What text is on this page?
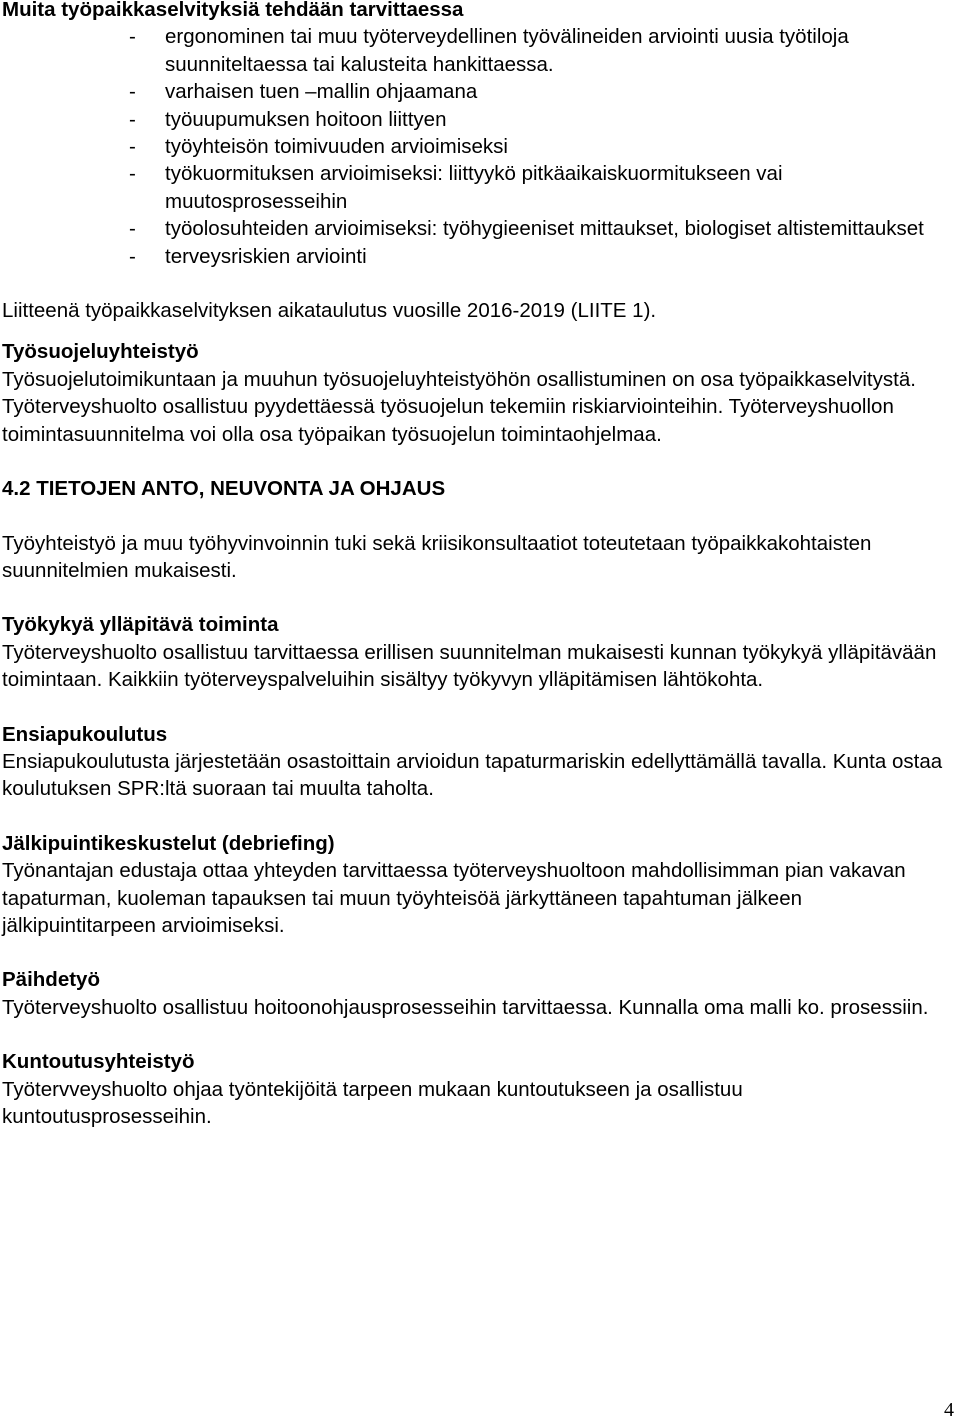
Muita työpaikkaselvityksiä tehdään tarvittaessa

- ergonominen tai muu työterveydellinen työvälineiden arviointi uusia työtiloja suunniteltaessa tai kalusteita hankittaessa.
- varhaisen tuen –mallin ohjaamana
- työuupumuksen hoitoon liittyen
- työyhteisön toimivuuden arvioimiseksi
- työkuormituksen arvioimiseksi: liittyykö pitkäaikaiskuormitukseen vai muutosprosesseihin
- työolosuhteiden arvioimiseksi: työhygieeniset mittaukset, biologiset altistemittaukset
- terveysriskien arviointi

Liitteenä työpaikkaselvityksen aikataulutus vuosille 2016-2019 (LIITE 1).

Työsuojeluyhteistyö

Työsuojelutoimikuntaan ja muuhun työsuojeluyhteistyöhön osallistuminen on osa työpaikkaselvitystä. Työterveyshuolto osallistuu pyydettäessä työsuojelun tekemiin riskiarviointeihin. Työterveyshuollon toimintasuunnitelma voi olla osa työpaikan työsuojelun toimintaohjelmaa.

4.2 TIETOJEN ANTO, NEUVONTA JA OHJAUS

Työyhteistyö ja muu työhyvinvoinnin tuki sekä kriisikonsultaatiot toteutetaan työpaikkakohtaisten suunnitelmien mukaisesti.

Työkykyä ylläpitävä toiminta

Työterveyshuolto osallistuu tarvittaessa erillisen suunnitelman mukaisesti kunnan työkykyä ylläpitävään toimintaan. Kaikkiin työterveyspalveluihin sisältyy työkyvyn ylläpitämisen lähtökohta.

Ensiapukoulutus

Ensiapukoulutusta järjestetään osastoittain arvioidun tapaturmariskin edellyttämällä tavalla. Kunta ostaa koulutuksen SPR:ltä suoraan tai muulta taholta.

Jälkipuintikeskustelut (debriefing)

Työnantajan edustaja ottaa yhteyden tarvittaessa työterveyshuoltoon mahdollisimman pian vakavan tapaturman, kuoleman tapauksen tai muun työyhteisöä järkyttäneen tapahtuman jälkeen jälkipuintitarpeen arvioimiseksi.

Päihdetyö

Työterveyshuolto osallistuu hoitoonohjausprosesseihin tarvittaessa. Kunnalla oma malli ko. prosessiin.

Kuntoutusyhteistyö

Työtervveyshuolto ohjaa työntekijöitä tarpeen mukaan kuntoutukseen ja osallistuu kuntoutusprosesseihin.

4
